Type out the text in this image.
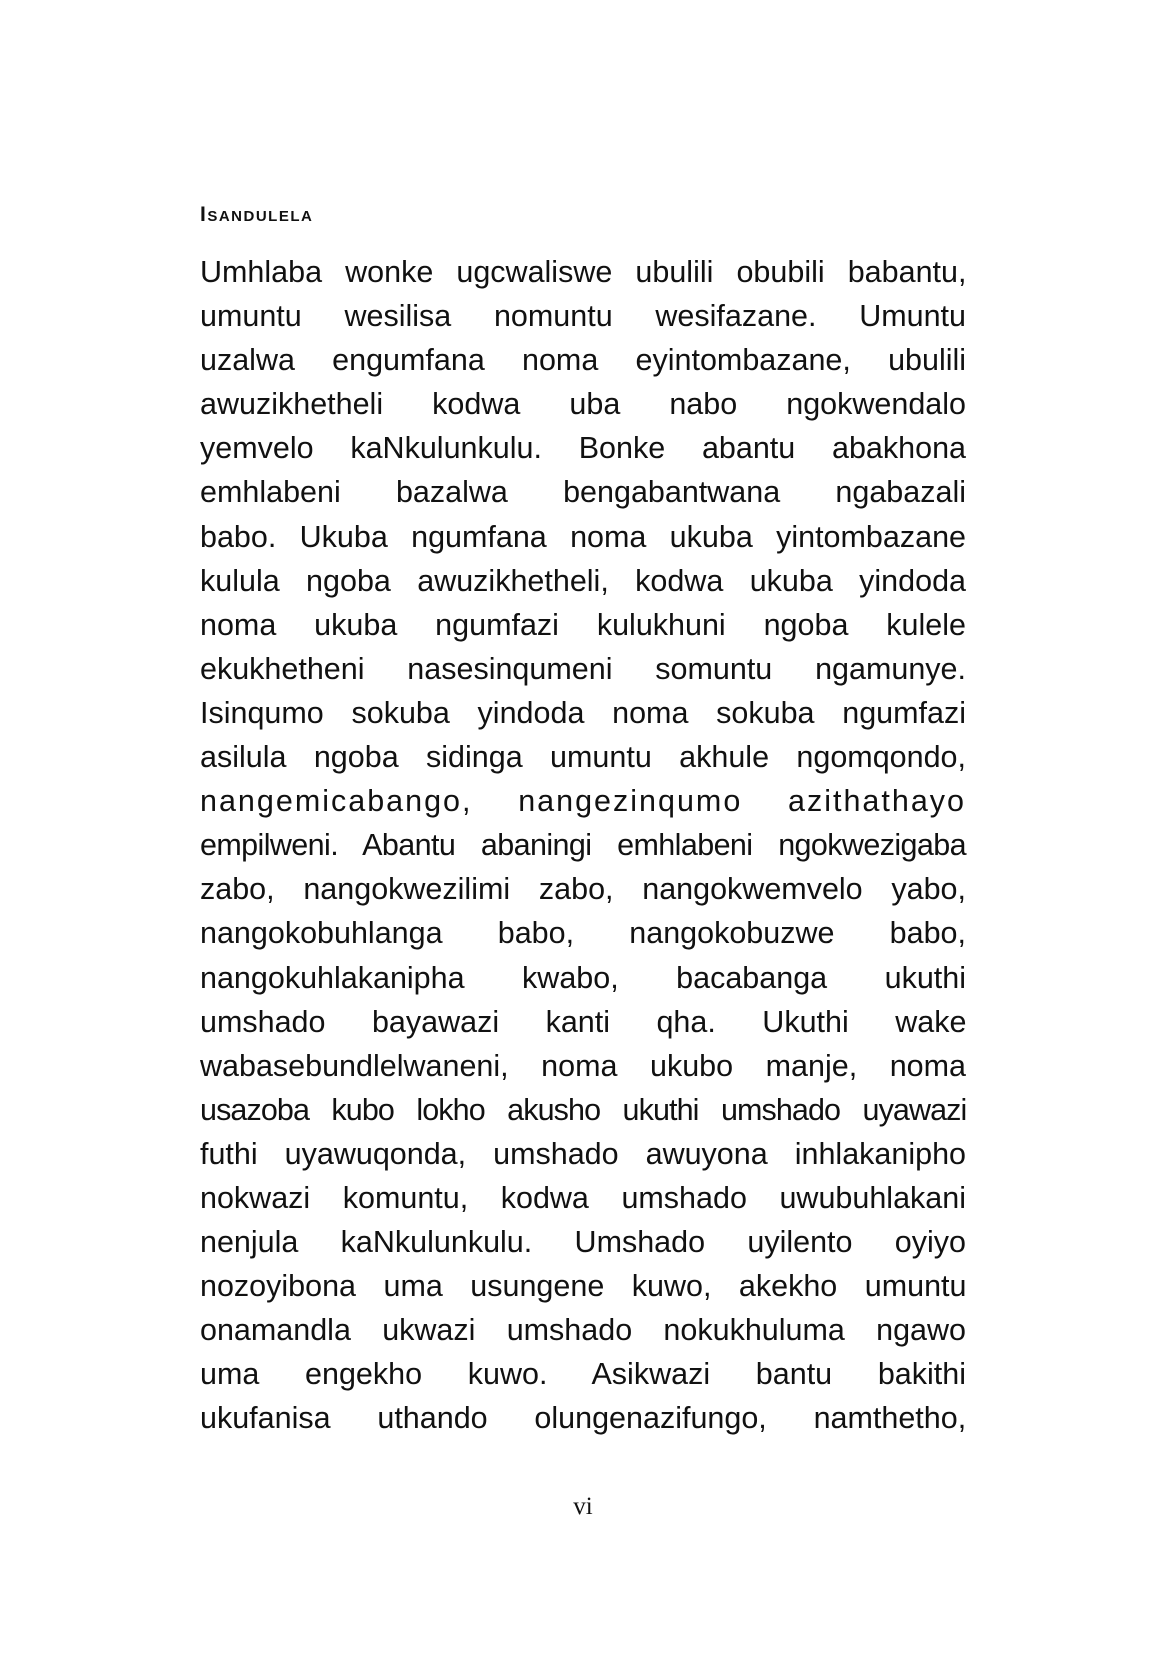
Isandulela
Umhlaba wonke ugcwaliswe ubulili obubili babantu,
umuntu wesilisa nomuntu wesifazane. Umuntu
uzalwa engumfana noma eyintombazane, ubulili
awuzikhetheli kodwa uba nabo ngokwendalo
yemvelo kaNkulunkulu. Bonke abantu abakhona
emhlabeni bazalwa bengabantwana ngabazali
babo. Ukuba ngumfana noma ukuba yintombazane
kulula ngoba awuzikhetheli, kodwa ukuba yindoda
noma ukuba ngumfazi kulukhuni ngoba kulele
ekukhetheni nasesinqumeni somuntu ngamunye.
Isinqumo sokuba yindoda noma sokuba ngumfazi
asilula ngoba sidinga umuntu akhule ngomqondo,
nangemicabango, nangezinqumo azithathayo
empilweni. Abantu abaningi emhlabeni ngokwezigaba
zabo, nangokwezilimi zabo, nangokwemvelo yabo,
nangokobuhlanga babo, nangokobuzwe babo,
nangokuhlakanipha kwabo, bacabanga ukuthi
umshado bayawazi kanti qha. Ukuthi wake
wabasebundlelwaneni, noma ukubo manje, noma
usazoba kubo lokho akusho ukuthi umshado uyawazi
futhi uyawuqonda, umshado awuyona inhlakanipho
nokwazi komuntu, kodwa umshado uwubuhlakani
nenjula kaNkulunkulu. Umshado uyilento oyiyo
nozoyibona uma usungene kuwo, akekho umuntu
onamandla ukwazi umshado nokukhuluma ngawo
uma engekho kuwo. Asikwazi bantu bakithi
ukufanisa uthando olungenazifungo, namthetho,
vi
